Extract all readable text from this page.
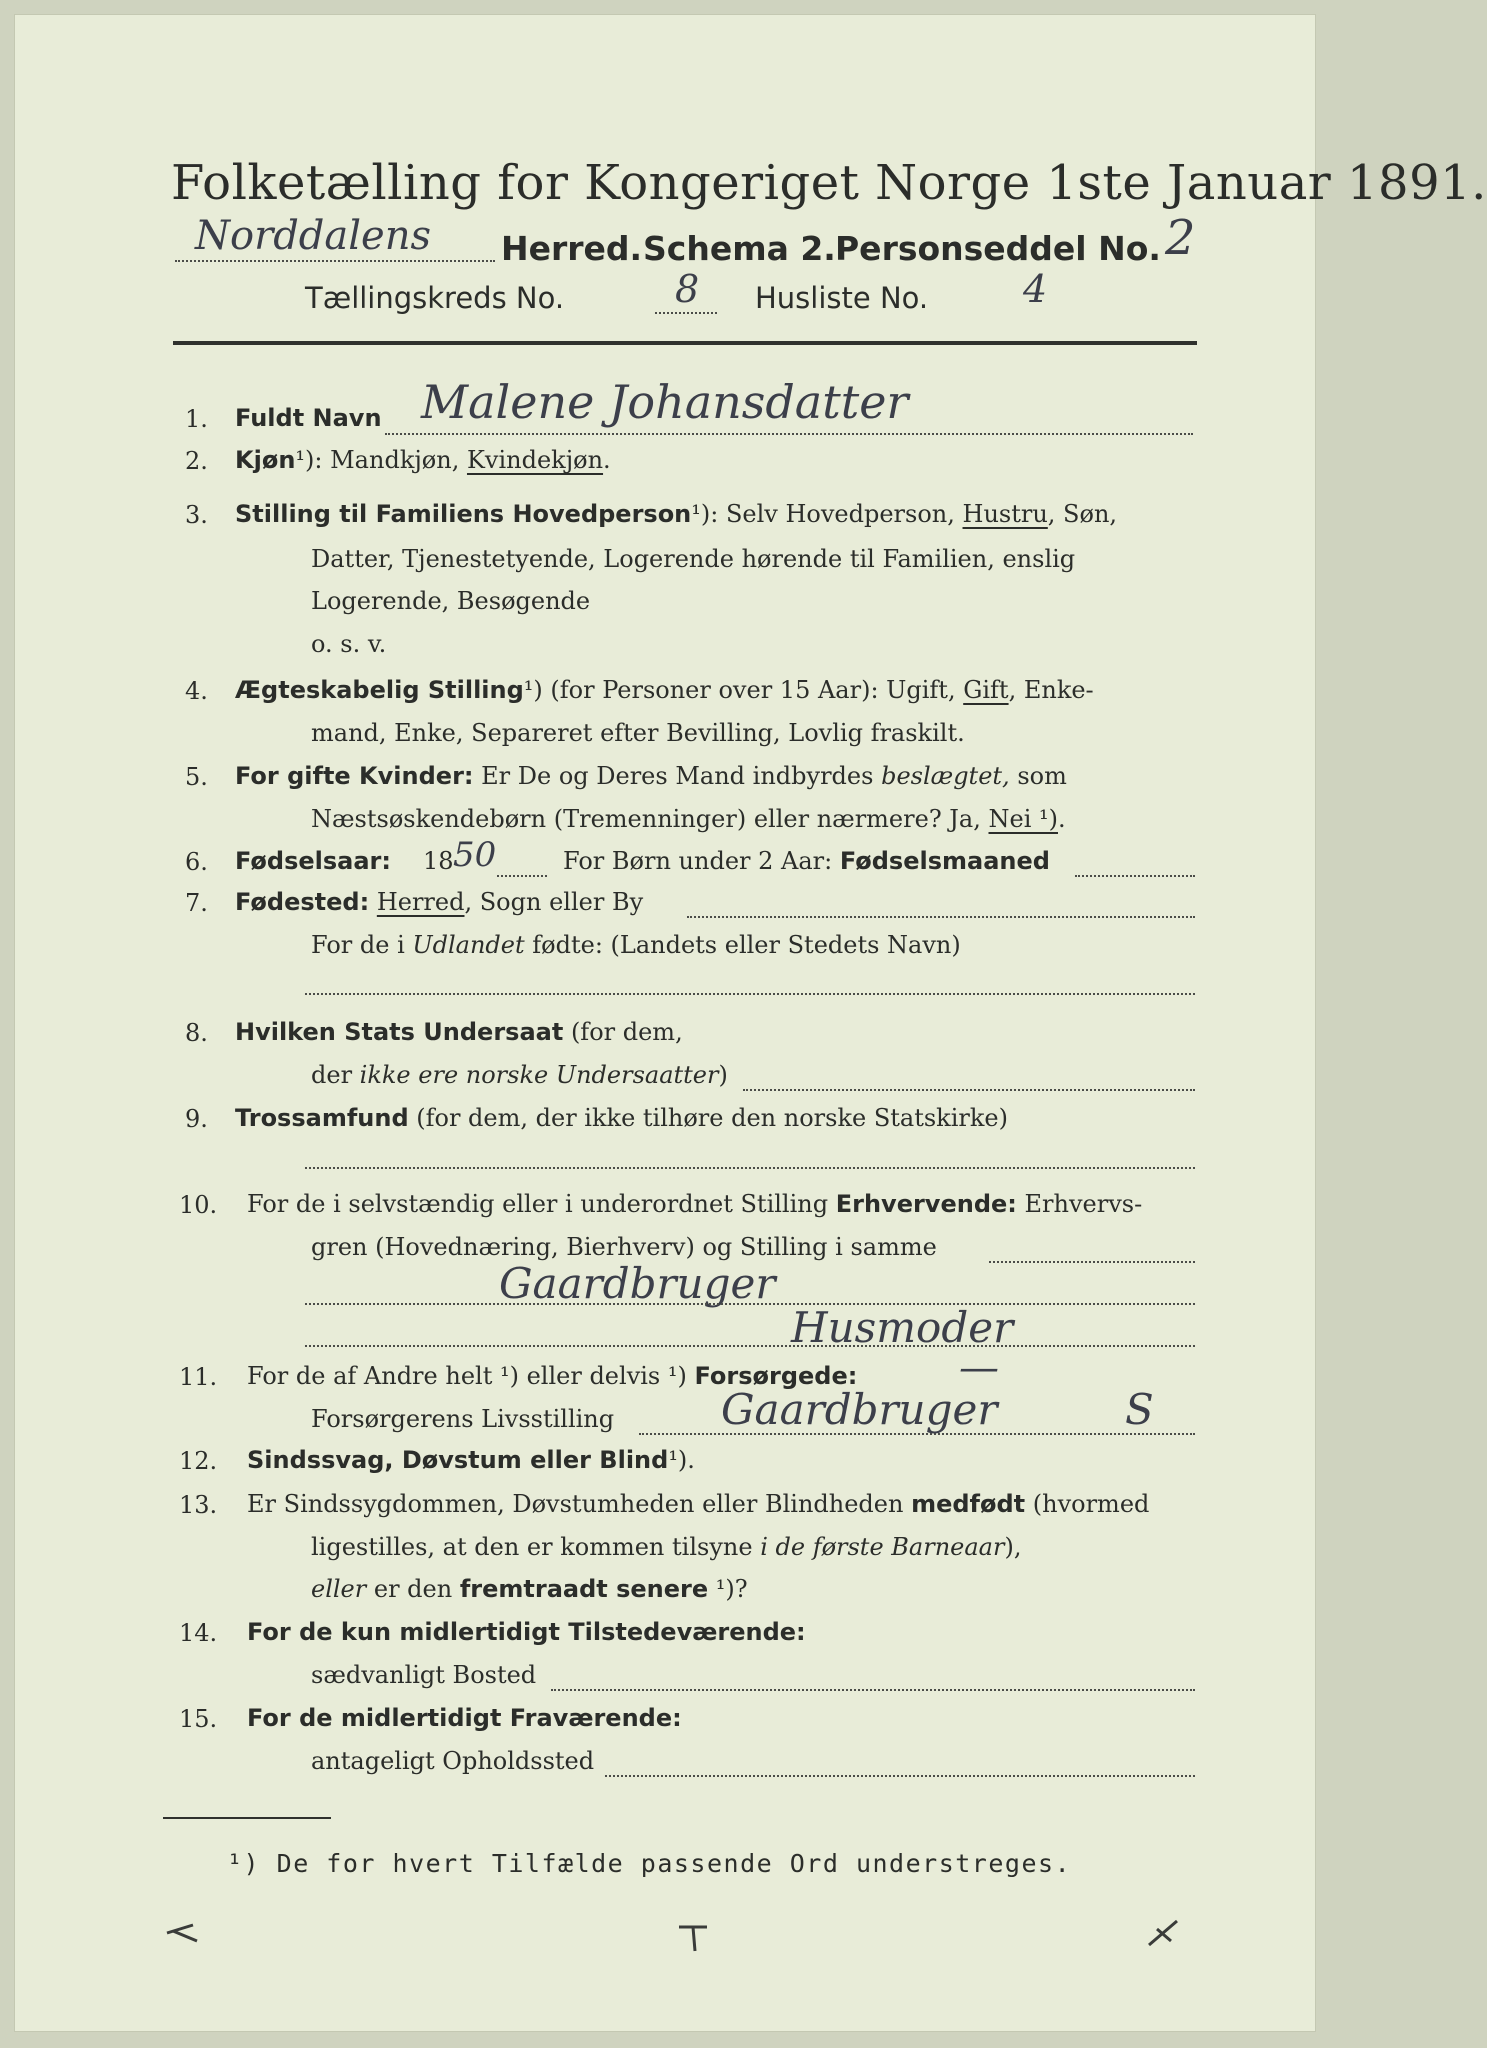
Folketælling for Kongeriget Norge 1ste Januar 1891.
Norddalens Herred. Schema 2. Personseddel No. 2
Tællingskreds No.	8 Husliste No. 4
1. Fuldt Navn Malene Johansdatter
2. Kjøn¹): Mandkjøn, Kvindekjøn.
3. Stilling til Familiens Hovedperson¹): Selv Hovedperson, Hustru, Søn,
Datter, Tjenestetyende, Logerende hørende til Familien, enslig
Logerende, Besøgende
o. s. v.
4. Ægteskabelig Stilling¹) (for Personer over 15 Aar): Ugift, Gift, Enke-
mand, Enke, Separeret efter Bevilling, Lovlig fraskilt.
5. For gifte Kvinder: Er De og Deres Mand indbyrdes beslægtet, som
Næstsøskendebørn (Tremenninger) eller nærmere? Ja, Nei ¹).
6. Fødselsaar: 18 50	For Børn under 2 Aar: Fødselsmaaned
7. Fødested: Herred, Sogn eller By
For de i Udlandet fødte: (Landets eller Stedets Navn)
8. Hvilken Stats Undersaat (for dem,
der ikke ere norske Undersaatter)
9. Trossamfund (for dem, der ikke tilhøre den norske Statskirke)
10. For de i selvstændig eller i underordnet Stilling Erhvervende: Erhvervs-
gren (Hovednæring, Bierhverv) og Stilling i samme
Gaardbruger
Husmoder
11. For de af Andre helt ¹) eller delvis ¹) Forsørgede:	—
Forsørgerens Livsstilling	Gaardbruger	S
12. Sindssvag, Døvstum eller Blind¹).
13. Er Sindssygdommen, Døvstumheden eller Blindheden medfødt (hvormed
ligestilles, at den er kommen tilsyne i de første Barneaar),
eller er den fremtraadt senere ¹)?
14. For de kun midlertidigt Tilstedeværende:
sædvanligt Bosted
15. For de midlertidigt Fraværende:
antageligt Opholdssted
¹) De for hvert Tilfælde passende Ord understreges.
